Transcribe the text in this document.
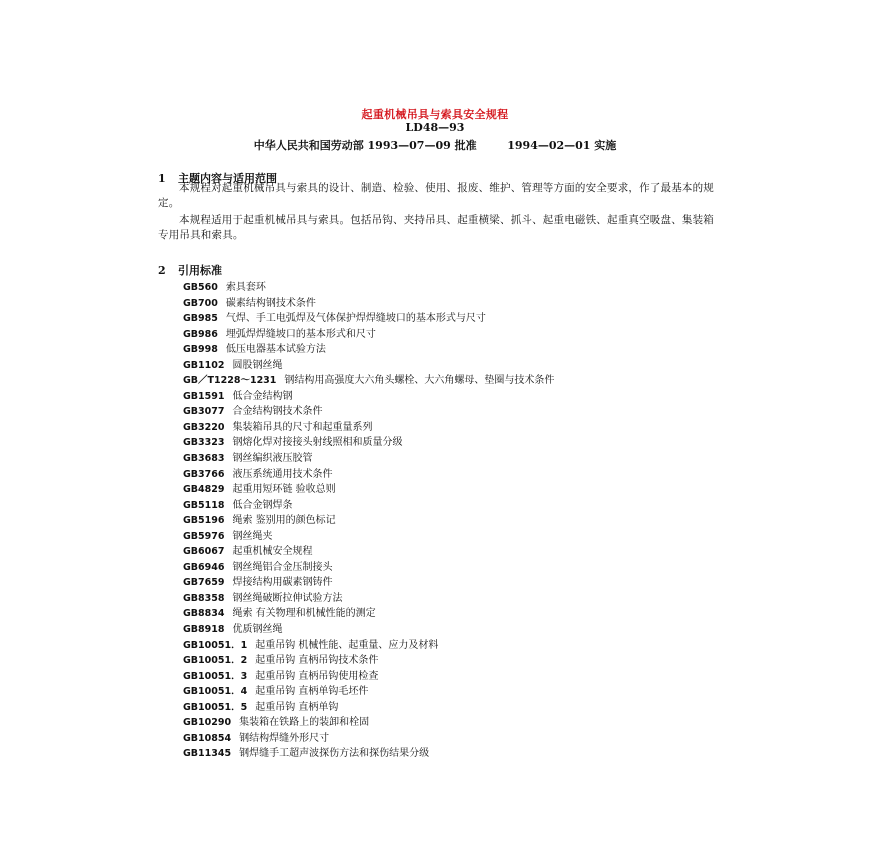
起重机械吊具与索具安全规程
LD48—93
中华人民共和国劳动部 1993—07—09 批准        1994—02—01 实施
1 主题内容与适用范围
本规程对起重机械吊具与索具的设计、制造、检验、使用、报废、维护、管理等方面的安全要求，作了最基本的规定。
本规程适用于起重机械吊具与索具。包括吊钩、夹持吊具、起重横梁、抓斗、起重电磁铁、起重真空吸盘、集装箱专用吊具和索具。
2 引用标准
GB560 索具套环
GB700 碳素结构钢技术条件
GB985 气焊、手工电弧焊及气体保护焊焊缝坡口的基本形式与尺寸
GB986 埋弧焊焊缝坡口的基本形式和尺寸
GB998 低压电器基本试验方法
GB1102 圆股钢丝绳
GB／T1228～1231 钢结构用高强度大六角头螺栓、大六角螺母、垫圈与技术条件
GB1591 低合金结构钢
GB3077 合金结构钢技术条件
GB3220 集装箱吊具的尺寸和起重量系列
GB3323 钢熔化焊对接接头射线照相和质量分级
GB3683 钢丝编织液压胶管
GB3766 液压系统通用技术条件
GB4829 起重用短环链 验收总则
GB5118 低合金钢焊条
GB5196 绳索 鉴别用的颜色标记
GB5976 钢丝绳夹
GB6067 起重机械安全规程
GB6946 钢丝绳铝合金压制接头
GB7659 焊接结构用碳素钢铸件
GB8358 钢丝绳破断拉伸试验方法
GB8834 绳索 有关物理和机械性能的测定
GB8918 优质钢丝绳
GB10051．1 起重吊钩 机械性能、起重量、应力及材料
GB10051．2 起重吊钩 直柄吊钩技术条件
GB10051．3 起重吊钩 直柄吊钩使用检查
GB10051．4 起重吊钩 直柄单钩毛坯件
GB10051．5 起重吊钩 直柄单钩
GB10290 集装箱在铁路上的装卸和栓固
GB10854 钢结构焊缝外形尺寸
GB11345 钢焊缝手工超声波探伤方法和探伤结果分级
